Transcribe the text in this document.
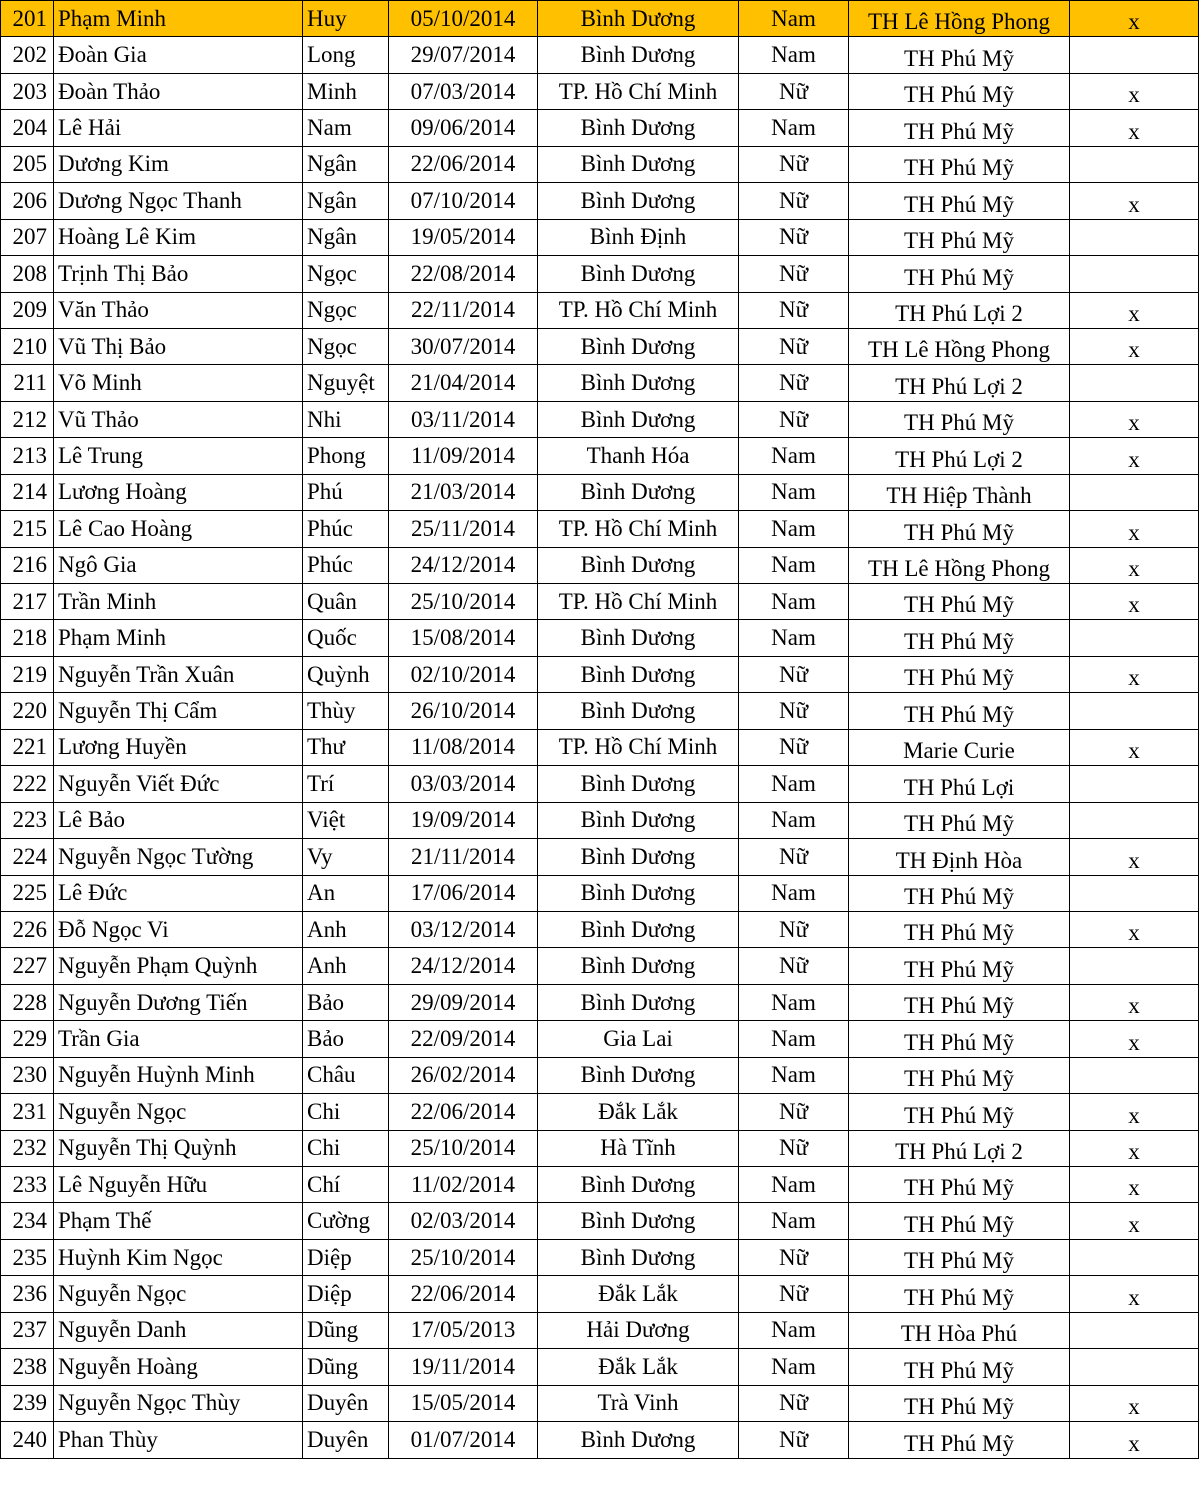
201	Phạm Minh	Huy	05/10/2014	Bình Dương	Nam	TH Lê Hồng Phong	x
202	Đoàn Gia	Long	29/07/2014	Bình Dương	Nam	TH Phú Mỹ	
203	Đoàn Thảo	Minh	07/03/2014	TP. Hồ Chí Minh	Nữ	TH Phú Mỹ	x
204	Lê Hải	Nam	09/06/2014	Bình Dương	Nam	TH Phú Mỹ	x
205	Dương Kim	Ngân	22/06/2014	Bình Dương	Nữ	TH Phú Mỹ	
206	Dương Ngọc Thanh	Ngân	07/10/2014	Bình Dương	Nữ	TH Phú Mỹ	x
207	Hoàng Lê Kim	Ngân	19/05/2014	Bình Định	Nữ	TH Phú Mỹ	
208	Trịnh Thị Bảo	Ngọc	22/08/2014	Bình Dương	Nữ	TH Phú Mỹ	
209	Văn Thảo	Ngọc	22/11/2014	TP. Hồ Chí Minh	Nữ	TH Phú Lợi 2	x
210	Vũ Thị Bảo	Ngọc	30/07/2014	Bình Dương	Nữ	TH Lê Hồng Phong	x
211	Võ Minh	Nguyệt	21/04/2014	Bình Dương	Nữ	TH Phú Lợi 2	
212	Vũ Thảo	Nhi	03/11/2014	Bình Dương	Nữ	TH Phú Mỹ	x
213	Lê Trung	Phong	11/09/2014	Thanh Hóa	Nam	TH Phú Lợi 2	x
214	Lương Hoàng	Phú	21/03/2014	Bình Dương	Nam	TH Hiệp Thành	
215	Lê Cao Hoàng	Phúc	25/11/2014	TP. Hồ Chí Minh	Nam	TH Phú Mỹ	x
216	Ngô Gia	Phúc	24/12/2014	Bình Dương	Nam	TH Lê Hồng Phong	x
217	Trần Minh	Quân	25/10/2014	TP. Hồ Chí Minh	Nam	TH Phú Mỹ	x
218	Phạm Minh	Quốc	15/08/2014	Bình Dương	Nam	TH Phú Mỹ	
219	Nguyễn Trần Xuân	Quỳnh	02/10/2014	Bình Dương	Nữ	TH Phú Mỹ	x
220	Nguyễn Thị Cẩm	Thùy	26/10/2014	Bình Dương	Nữ	TH Phú Mỹ	
221	Lương Huyền	Thư	11/08/2014	TP. Hồ Chí Minh	Nữ	Marie Curie	x
222	Nguyễn Viết Đức	Trí	03/03/2014	Bình Dương	Nam	TH Phú Lợi	
223	Lê Bảo	Việt	19/09/2014	Bình Dương	Nam	TH Phú Mỹ	
224	Nguyễn Ngọc Tường	Vy	21/11/2014	Bình Dương	Nữ	TH Định Hòa	x
225	Lê Đức	An	17/06/2014	Bình Dương	Nam	TH Phú Mỹ	
226	Đỗ Ngọc Vi	Anh	03/12/2014	Bình Dương	Nữ	TH Phú Mỹ	x
227	Nguyễn Phạm Quỳnh	Anh	24/12/2014	Bình Dương	Nữ	TH Phú Mỹ	
228	Nguyễn Dương Tiến	Bảo	29/09/2014	Bình Dương	Nam	TH Phú Mỹ	x
229	Trần Gia	Bảo	22/09/2014	Gia Lai	Nam	TH Phú Mỹ	x
230	Nguyễn Huỳnh Minh	Châu	26/02/2014	Bình Dương	Nam	TH Phú Mỹ	
231	Nguyễn Ngọc	Chi	22/06/2014	Đắk Lắk	Nữ	TH Phú Mỹ	x
232	Nguyễn Thị Quỳnh	Chi	25/10/2014	Hà Tĩnh	Nữ	TH Phú Lợi 2	x
233	Lê Nguyễn Hữu	Chí	11/02/2014	Bình Dương	Nam	TH Phú Mỹ	x
234	Phạm Thế	Cường	02/03/2014	Bình Dương	Nam	TH Phú Mỹ	x
235	Huỳnh Kim Ngọc	Diệp	25/10/2014	Bình Dương	Nữ	TH Phú Mỹ	
236	Nguyễn Ngọc	Diệp	22/06/2014	Đắk Lắk	Nữ	TH Phú Mỹ	x
237	Nguyễn Danh	Dũng	17/05/2013	Hải Dương	Nam	TH Hòa Phú	
238	Nguyễn Hoàng	Dũng	19/11/2014	Đắk Lắk	Nam	TH Phú Mỹ	
239	Nguyễn Ngọc Thùy	Duyên	15/05/2014	Trà Vinh	Nữ	TH Phú Mỹ	x
240	Phan Thùy	Duyên	01/07/2014	Bình Dương	Nữ	TH Phú Mỹ	x
